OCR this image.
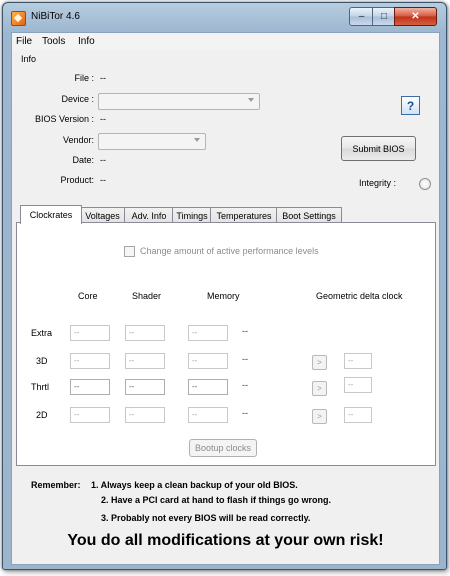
NiBiTor 4.6	– □ ✕
File Tools Info
Info
File : --
Device :
BIOS Version : --
Vendor:
Date: --
Product: --
?
Submit BIOS
Integrity :
Clockrates	Voltages	Adv. Info	Timings Temperatures	Boot Settings
Change amount of active performance levels
Core	Shader	Memory	Geometric delta clock
Extra	--	--	--	--
3D	--	--	--	--	>	--
Thrtl	--	--	--	--	>	--
2D	--	--	--	--	>	--
Bootup clocks
Remember: 1. Always keep a clean backup of your old BIOS.
2. Have a PCI card at hand to flash if things go wrong.
3. Probably not every BIOS will be read correctly.
You do all modifications at your own risk!
